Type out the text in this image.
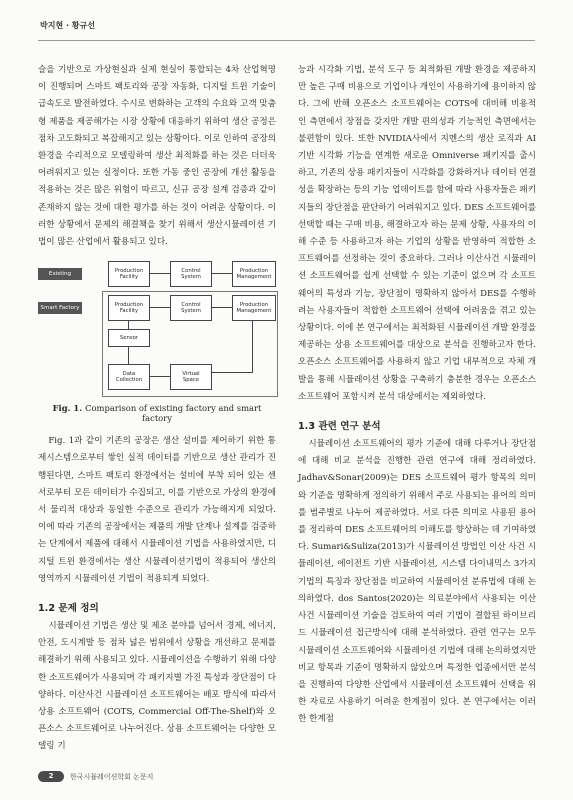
박지현 · 황규선

슬을 기반으로 가상현실과 실제 현실이 통합되는 4차 산업혁명이 진행되며 스마트 팩토리와 공장 자동화, 디지털 트윈 기술이 급속도로 발전하였다. 수시로 변화하는 고객의 수요와 고객 맞춤형 제품을 제공해가는 시장 상황에 대응하기 위하여 생산 공정은 점차 고도화되고 복잡해지고 있는 상황이다. 이로 인하여 공장의 환경을 수리적으로 모델링하여 생산 최적화를 하는 것은 더더욱 어려워지고 있는 실정이다. 또한 가동 중인 공장에 개선 활동을 적용하는 것은 많은 위험이 따르고, 신규 공장 설계 검증과 같이 존재하지 않는 것에 대한 평가를 하는 것이 어려운 상황이다. 이러한 상황에서 문제의 해결책을 찾기 위해서 생산시뮬레이션 기법이 많은 산업에서 활용되고 있다.

Existing Factory
Production
Facility
Control
System
Production
Management
Smart Factory
Production
Facility
Control
System
Production
Management
Sensor
Data
Collection
Virtual
Space

Fig. 1. Comparison of existing factory and smart factory

Fig. 1과 같이 기존의 공장은 생산 설비를 제어하기 위한 통제시스템으로부터 쌓인 실적 데이터를 기반으로 생산 관리가 진행된다면, 스마트 팩토리 환경에서는 설비에 부착 되어 있는 센서로부터 모든 데이터가 수집되고, 이를 기반으로 가상의 환경에서 물리적 대상과 동일한 수준으로 관리가 가능해지게 되었다. 이에 따라 기존의 공장에서는 제품의 개발 단계나 설계를 검증하는 단계에서 제품에 대해서 시뮬레이션 기법을 사용하였지만, 디지털 트윈 환경에서는 생산 시뮬레이션기법이 적용되어 생산의 영역까지 시뮬레이션 기법이 적용되게 되었다.

1.2 문제 정의

시뮬레이션 기법은 생산 및 제조 분야를 넘어서 경제, 에너지, 안전, 도시계발 등 점차 넓은 범위에서 상황을 개선하고 문제를 해결하기 위해 사용되고 있다. 시뮬레이션을 수행하기 위해 다양한 소프트웨어가 사용되며 각 패키지별 가진 특성과 장단점이 다양하다. 이산사건 시뮬레이션 소프트웨어는 배포 방식에 따라서 상용 소프트웨어 (COTS, Commercial Off-The-Shelf)와 오픈소스 소프트웨어로 나누어진다. 상용 소프트웨어는 다양한 모델링 기

능과 시각화 기법, 분석 도구 등 최적화된 개발 환경을 제공하지만 높은 구매 비용으로 기업이나 개인이 사용하기에 용이하지 않다. 그에 반해 오픈소스 소프트웨어는 COTS에 대비해 비용적인 측면에서 장점을 갖지만 개발 편의성과 기능적인 측면에서는 불편함이 있다. 또한 NVIDIA사에서 지멘스의 생산 로직과 AI기반 시각화 기능을 연계한 새로운 Omniverse 패키지를 출시하고, 기존의 상용 패키지들이 시각화를 강화하거나 데이터 연결성을 확장하는 등의 기능 업데이트를 함에 따라 사용자들은 패키지들의 장단점을 판단하기 어려워지고 있다. DES 소프트웨어를 선택할 때는 구매 비용, 해결하고자 하는 문제 상황, 사용자의 이해 수준 등 사용하고자 하는 기업의 상황을 반영하여 적합한 소프트웨어를 선정하는 것이 중요하다. 그러나 이산사건 시뮬레이션 소프트웨어를 쉽게 선택할 수 있는 기준이 없으며 각 소프트웨어의 특성과 기능, 장단점이 명확하지 않아서 DES를 수행하려는 사용자들이 적합한 소프트웨어 선택에 어려움을 겪고 있는 상황이다. 이에 본 연구에서는 최적화된 시뮬레이션 개발 환경을 제공하는 상용 소프트웨어를 대상으로 분석을 진행하고자 한다. 오픈소스 소프트웨어를 사용하지 않고 기업 내부적으로 자체 개발을 통해 시뮬레이션 상황을 구축하기 충분한 경우는 오픈소스 소프트웨어 포함시켜 분석 대상에서는 제외하였다.

1.3 관련 연구 분석

시뮬레이션 소프트웨어의 평가 기준에 대해 다루거나 장단점에 대해 비교 분석을 진행한 관련 연구에 대해 정리하였다. Jadhav&Sonar(2009)는 DES 소프트웨어 평가 항목의 의미와 기준을 명확하게 정의하기 위해서 주로 사용되는 용어의 의미를 범주별로 나누어 제공하였다. 서로 다른 의미로 사용된 용어를 정리하여 DES 소프트웨어의 이해도를 향상하는 데 기여하였다. Sumari&Suliza(2013)가 시뮬레이션 방법인 이산 사건 시뮬레이션, 에이전트 기반 시뮬레이션, 시스템 다이내믹스 3가지 기법의 특징과 장단점을 비교하여 시뮬레이션 분류법에 대해 논의하였다. dos Santos(2020)는 의료분야에서 사용되는 이산사건 시뮬레이션 기술을 검토하여 여러 기법이 결합된 하이브리드 시뮬레이션 접근방식에 대해 분석하였다. 관련 연구는 모두 시뮬레이션 소프트웨어와 시뮬레이션 기법에 대해 논의하였지만 비교 항목과 기준이 명확하지 않았으며 특정한 업종에서만 분석을 진행하여 다양한 산업에서 시뮬레이션 소프트웨어 선택을 위한 자료로 사용하기 어려운 한계점이 있다. 본 연구에서는 이러한 한계점

2	한국시뮬레이션학회 논문지
